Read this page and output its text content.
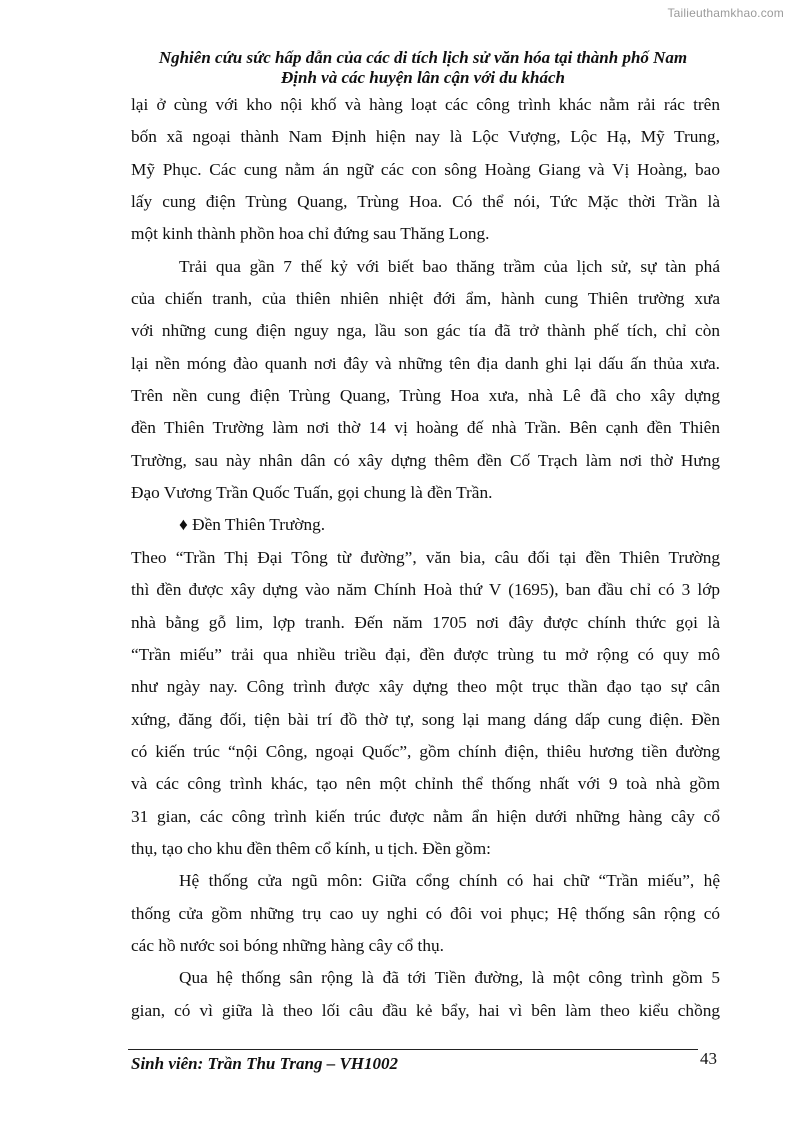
Tailieuthamkhao.com
Nghiên cứu sức hấp dẫn của các di tích lịch sử văn hóa tại thành phố Nam
Định và các huyện lân cận với du khách
lại ở cùng với kho nội khố và hàng loạt các công trình khác nằm rải rác trên
bốn xã ngoại thành Nam Định hiện nay là Lộc Vượng, Lộc Hạ, Mỹ Trung,
Mỹ Phục. Các cung nằm án ngữ các con sông Hoàng Giang và Vị Hoàng, bao
lấy cung điện Trùng Quang, Trùng Hoa. Có thể nói, Tức Mặc thời Trần là
một kinh thành phồn hoa chỉ đứng sau Thăng Long.
Trải qua gần 7 thế kỷ với biết bao thăng trầm của lịch sử, sự tàn phá
của chiến tranh, của thiên nhiên nhiệt đới ẩm, hành cung Thiên trường xưa
với những cung điện nguy nga, lầu son gác tía đã trở thành phế tích, chỉ còn
lại nền móng đào quanh nơi đây và những tên địa danh ghi lại dấu ấn thủa xưa.
Trên nền cung điện Trùng Quang, Trùng Hoa xưa, nhà Lê đã cho xây dựng
đền Thiên Trường làm nơi thờ 14 vị hoàng đế nhà Trần. Bên cạnh đền Thiên
Trường, sau này nhân dân có xây dựng thêm đền Cố Trạch làm nơi thờ Hưng
Đạo Vương Trần Quốc Tuấn, gọi chung là đền Trần.
♦ Đền Thiên Trường.
Theo “Trần Thị Đại Tông từ đường”, văn bia, câu đối tại đền Thiên Trường
thì đền được xây dựng vào năm Chính Hoà thứ V (1695), ban đầu chỉ có 3 lớp
nhà bằng gỗ lim, lợp tranh. Đến năm 1705 nơi đây được chính thức gọi là
“Trần miếu” trải qua nhiều triều đại, đền được trùng tu mở rộng có quy mô
như ngày nay. Công trình được xây dựng theo một trục thần đạo tạo sự cân
xứng, đăng đối, tiện bài trí đồ thờ tự, song lại mang dáng dấp cung điện. Đền
có kiến trúc “nội Công, ngoại Quốc”, gồm chính điện, thiêu hương tiền đường
và các công trình khác, tạo nên một chỉnh thể thống nhất với 9 toà nhà gồm
31 gian, các công trình kiến trúc được nằm ẩn hiện dưới những hàng cây cổ
thụ, tạo cho khu đền thêm cổ kính, u tịch. Đền gồm:
Hệ thống cửa ngũ môn: Giữa cổng chính có hai chữ “Trần miếu”, hệ
thống cửa gồm những trụ cao uy nghi có đôi voi phục; Hệ thống sân rộng có
các hồ nước soi bóng những hàng cây cổ thụ.
Qua hệ thống sân rộng là đã tới Tiền đường, là một công trình gồm 5
gian, có vì giữa là theo lối câu đầu kẻ bẩy, hai vì bên làm theo kiểu chồng
Sinh viên: Trần Thu Trang – VH1002	43
